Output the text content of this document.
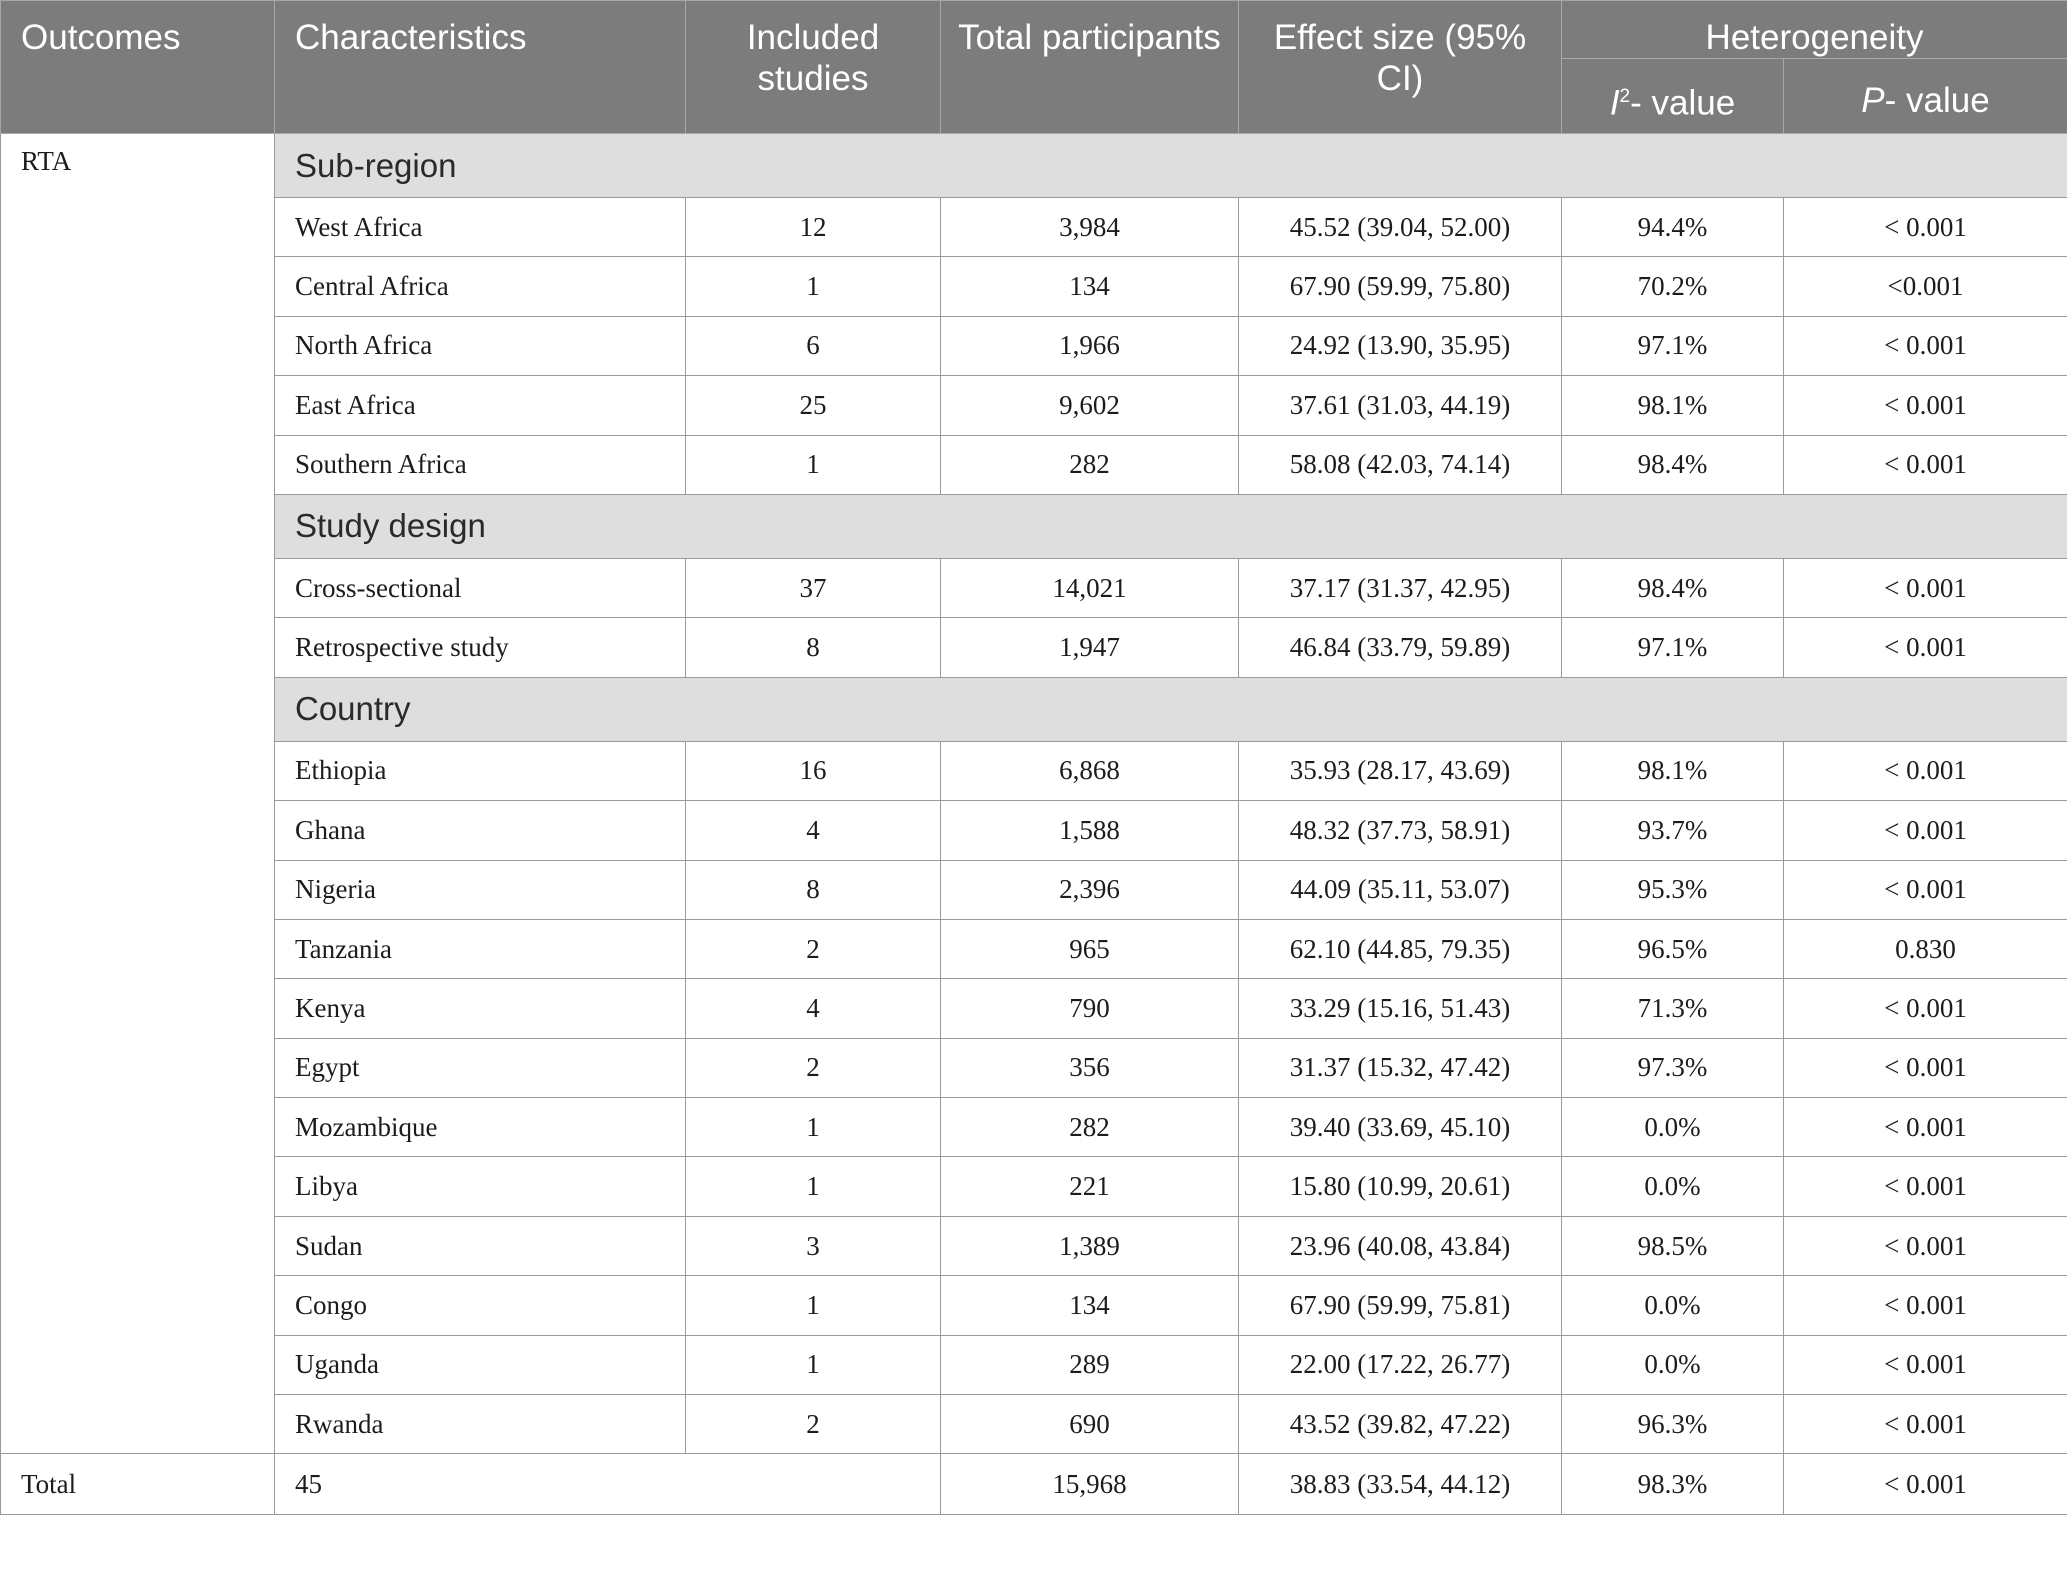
Outcomes	Characteristics	Included studies	Total participants	Effect size (95% CI)	Heterogeneity	
					$I^2-$ value	P- value
RTA	Sub-region					
	West Africa	12	3,984	45.52 (39.04, 52.00)	94.4%	< 0.001
	Central Africa	1	134	67.90 (59.99, 75.80)	70.2%	<0.001
	North Africa	6	1,966	24.92 (13.90, 35.95)	97.1%	< 0.001
	East Africa	25	9,602	37.61 (31.03, 44.19)	98.1%	< 0.001
	Southern Africa	1	282	58.08 (42.03, 74.14)	98.4%	< 0.001
	Study design					
	Cross-sectional	37	14,021	37.17 (31.37, 42.95)	98.4%	< 0.001
	Retrospective study	8	1,947	46.84 (33.79, 59.89)	97.1%	< 0.001
	Country					
	Ethiopia	16	6,868	35.93 (28.17, 43.69)	98.1%	< 0.001
	Ghana	4	1,588	48.32 (37.73, 58.91)	93.7%	< 0.001
	Nigeria	8	2,396	44.09 (35.11, 53.07)	95.3%	< 0.001
	Tanzania	2	965	62.10 (44.85, 79.35)	96.5%	0.830
	Kenya	4	790	33.29 (15.16, 51.43)	71.3%	< 0.001
	Egypt	2	356	31.37 (15.32, 47.42)	97.3%	< 0.001
	Mozambique	1	282	39.40 (33.69, 45.10)	0.0%	< 0.001
	Libya	1	221	15.80 (10.99, 20.61)	0.0%	< 0.001
	Sudan	3	1,389	23.96 (40.08, 43.84)	98.5%	< 0.001
	Congo	1	134	67.90 (59.99, 75.81)	0.0%	< 0.001
	Uganda	1	289	22.00 (17.22, 26.77)	0.0%	< 0.001
	Rwanda	2	690	43.52 (39.82, 47.22)	96.3%	< 0.001
Total	45		15,968	38.83 (33.54, 44.12)	98.3%	< 0.001
